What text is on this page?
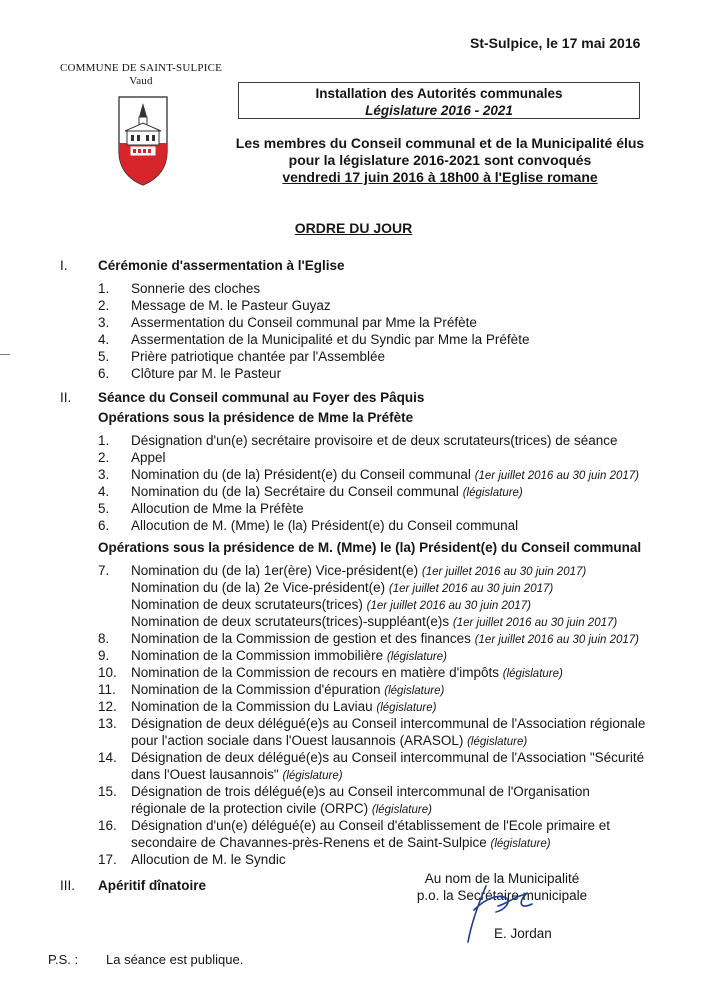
St-Sulpice, le 17 mai 2016
COMMUNE DE SAINT-SULPICE
Vaud
Installation des Autorités communales
Législature 2016 - 2021
Les membres du Conseil communal et de la Municipalité élus
pour la législature 2016-2021 sont convoqués
vendredi 17 juin 2016 à 18h00 à l'Eglise romane
ORDRE DU JOUR
I. Cérémonie d'assermentation à l'Eglise
1. Sonnerie des cloches
2. Message de M. le Pasteur Guyaz
3. Assermentation du Conseil communal par Mme la Préfète
4. Assermentation de la Municipalité et du Syndic par Mme la Préfète
5. Prière patriotique chantée par l'Assemblée
6. Clôture par M. le Pasteur
II. Séance du Conseil communal au Foyer des Pâquis
Opérations sous la présidence de Mme la Préfète
1. Désignation d'un(e) secrétaire provisoire et de deux scrutateurs(trices) de séance
2. Appel
3. Nomination du (de la) Président(e) du Conseil communal (1er juillet 2016 au 30 juin 2017)
4. Nomination du (de la) Secrétaire du Conseil communal (législature)
5. Allocution de Mme la Préfète
6. Allocution de M. (Mme) le (la) Président(e) du Conseil communal
Opérations sous la présidence de M. (Mme) le (la) Président(e) du Conseil communal
7. Nomination du (de la) 1er(ère) Vice-président(e) (1er juillet 2016 au 30 juin 2017)
Nomination du (de la) 2e Vice-président(e) (1er juillet 2016 au 30 juin 2017)
Nomination de deux scrutateurs(trices) (1er juillet 2016 au 30 juin 2017)
Nomination de deux scrutateurs(trices)-suppléant(e)s (1er juillet 2016 au 30 juin 2017)
8. Nomination de la Commission de gestion et des finances (1er juillet 2016 au 30 juin 2017)
9. Nomination de la Commission immobilière (législature)
10. Nomination de la Commission de recours en matière d'impôts (législature)
11. Nomination de la Commission d'épuration (législature)
12. Nomination de la Commission du Laviau (législature)
13. Désignation de deux délégué(e)s au Conseil intercommunal de l'Association régionale
pour l'action sociale dans l'Ouest lausannois (ARASOL) (législature)
14. Désignation de deux délégué(e)s au Conseil intercommunal de l'Association "Sécurité
dans l'Ouest lausannois" (législature)
15. Désignation de trois délégué(e)s au Conseil intercommunal de l'Organisation
régionale de la protection civile (ORPC) (législature)
16. Désignation d'un(e) délégué(e) au Conseil d'établissement de l'Ecole primaire et
secondaire de Chavannes-près-Renens et de Saint-Sulpice (législature)
17. Allocution de M. le Syndic
III. Apéritif dînatoire	Au nom de la Municipalité
p.o. la Secrétaire municipale
E. Jordan
P.S. : La séance est publique.
